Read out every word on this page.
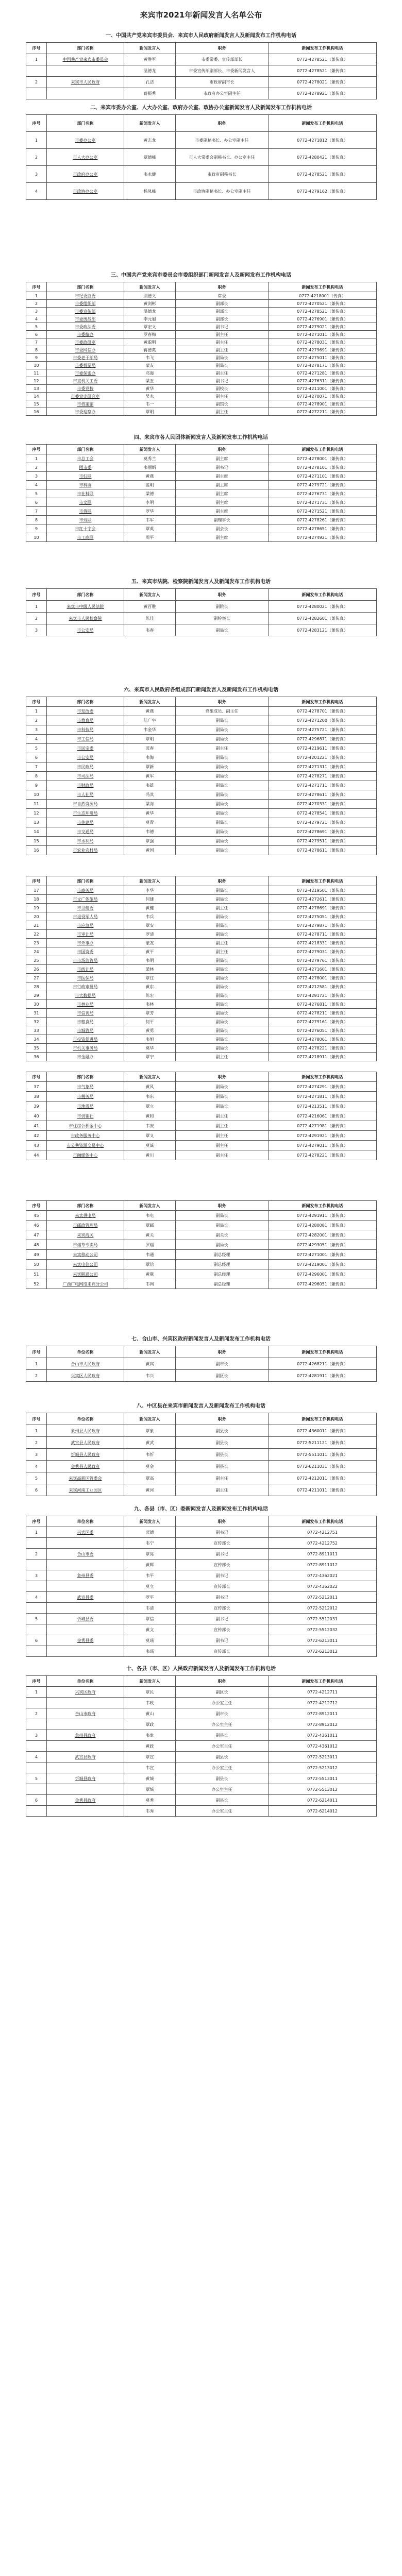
来宾市2021年新闻发言人名单公布
一、中国共产党来宾市委员会、来宾市人民政府新闻发言人及新闻发布工作机构电话
序号	部门名称	新闻发言人	职务	新闻发布工作机构电话
1	中国共产党来宾市委员会	黄胜军	市委常委、宣传部部长	0772-4278521（兼传真）
		温德龙	市委宣传部副部长、市委新闻发言人	0772-4278521（兼传真）
2	来宾市人民政府	孔洁	市政府副市长	0772-4278021（兼传真）
		蒋振秀	市政府办公室副主任	0772-4278921（兼传真）
二、来宾市委办公室、人大办公室、政府办公室、政协办公室新闻发言人及新闻发布工作机构电话
序号	部门名称	新闻发言人	职务	新闻发布工作机构电话
1	市委办公室	黄志龙	市委副秘书长、办公室副主任	0772-4271812（兼传真）
2	市人大办公室	覃德峰	市人大常委会副秘书长、办公室主任	0772-4280421（兼传真）
3	市政府办公室	韦永健	市政府副秘书长	0772-4278521（兼传真）
4	市政协办公室	杨凤峰	市政协副秘书长、办公室副主任	0772-4279162（兼传真）
三、中国共产党来宾市委员会市委组织部门新闻发言人及新闻发布工作机构电话
序号	部门名称	新闻发言人	职务	新闻发布工作机构电话
1	市纪委监委	刘德义	常委	0772-4218001（传真）
2	市委组织部	黄剑彬	副部长	0772-4270521（兼传真）
3	市委宣传部	温德龙	副部长	0772-4278521（兼传真）
4	市委统战部	李元旭	副部长	0772-4276901（兼传真）
5	市委政法委	覃宏义	副书记	0772-4279021（兼传真）
6	市委编办	罗春梅	副主任	0772-4271011（兼传真）
7	市委政研室	黄聪明	副主任	0772-4278031（兼传真）
8	市委网信办	蒋德英	副主任	0772-4279691（兼传真）
9	市委老干部局	韦飞	副局长	0772-4275011（兼传真）
10	市委机要局	蒙友	副局长	0772-4278171（兼传真）
11	市委保密办	邓海	副主任	0772-4271281（兼传真）
12	市直机关工委	梁玉	副书记	0772-4276311（兼传真）
13	市委党校	黄华	副校长	0772-4211001（兼传真）
14	市委党史研究室	吴永	副主任	0772-4270071（兼传真）
15	市档案馆	韦一	副馆长	0772-4278901（兼传真）
16	市委巡察办	覃明	副主任	0772-4272211（兼传真）
四、来宾市各人民团体新闻发言人及新闻发布工作机构电话
序号	部门名称	新闻发言人	职务	新闻发布工作机构电话
1	市总工会	莫秀兰	副主席	0772-4278001（兼传真）
2	团市委	韦丽娟	副书记	0772-4278101（兼传真）
3	市妇联	黄燕	副主席	0772-4271101（兼传真）
4	市科协	蓝明	副主席	0772-4279721（兼传真）
5	市社科联	梁德	副主席	0772-4276731（兼传真）
6	市文联	李明	副主席	0772-4271731（兼传真）
7	市侨联	罗华	副主席	0772-4271521（兼传真）
8	市残联	韦军	副理事长	0772-4278261（兼传真）
9	市红十字会	覃英	副会长	0772-4278651（兼传真）
10	市工商联	周平	副主席	0772-4274921（兼传真）
五、来宾市法院、检察院新闻发言人及新闻发布工作机构电话
序号	部门名称	新闻发言人	职务	新闻发布工作机构电话
1	来宾市中级人民法院	黄百胜	副院长	0772-4280021（兼传真）
2	来宾市人民检察院	陈佳	副检察长	0772-4282601（兼传真）
3	市公安局	韦春	副局长	0772-4283121（兼传真）
六、来宾市人民政府各组成部门新闻发言人及新闻发布工作机构电话
序号	部门名称	新闻发言人	职务	新闻发布工作机构电话
1	市发改委	黄燕	党组成员、副主任	0772-4278701（兼传真）
2	市教育局	陆广宇	副局长	0772-4271200（兼传真）
3	市科技局	韦金华	副局长	0772-4275721（兼传真）
4	市工信局	覃明	副局长	0772-4296871（兼传真）
5	市民宗委	蓝春	副主任	0772-4219611（兼传真）
6	市公安局	韦海	副局长	0772-4201221（兼传真）
7	市民政局	覃新	副局长	0772-4271311（兼传真）
8	市司法局	黄军	副局长	0772-4278271（兼传真）
9	市财政局	韦雄	副局长	0772-4271711（兼传真）
10	市人社局	冯其	副局长	0772-4278611（兼传真）
11	市自然资源局	梁海	副局长	0772-4270331（兼传真）
12	市生态环境局	黄华	副局长	0772-4278541（兼传真）
13	市住建局	莫青	副局长	0772-4279721（兼传真）
14	市交通局	韦德	副局长	0772-4278691（兼传真）
15	市水利局	覃强	副局长	0772-4279511（兼传真）
16	市农业农村局	黄国	副局长	0772-4278611（兼传真）
序号	部门名称	新闻发言人	职务	新闻发布工作机构电话
17	市商务局	李华	副局长	0772-4219501（兼传真）
18	市文广体旅局	何建	副局长	0772-4272611（兼传真）
19	市卫健委	黄健	副主任	0772-4278691（兼传真）
20	市退役军人局	韦兵	副局长	0772-4275051（兼传真）
21	市应急局	覃安	副局长	0772-4279871（兼传真）
22	市审计局	罗清	副局长	0772-4278711（兼传真）
23	市外事办	蒙友	副主任	0772-4218331（兼传真）
24	市国资委	黄平	副主任	0772-4279031（兼传真）
25	市市场监管局	韦明	副局长	0772-4279761（兼传真）
26	市统计局	梁林	副局长	0772-4271601（兼传真）
27	市医保局	覃红	副局长	0772-4278001（兼传真）
28	市行政审批局	黄东	副局长	0772-4212581（兼传真）
29	市大数据局	陈宏	副局长	0772-4291721（兼传真）
30	市林业局	韦林	副局长	0772-4276811（兼传真）
31	市信访局	覃芳	副局长	0772-4278211（兼传真）
32	市粮食局	何平	副局长	0772-4279161（兼传真）
33	市城管局	黄勇	副局长	0772-4276051（兼传真）
34	市投资促进局	韦旭	副局长	0772-4278061（兼传真）
35	市机关事务局	莫华	副局长	0772-4278221（兼传真）
36	市金融办	覃宁	副主任	0772-4218911（兼传真）
序号	部门名称	新闻发言人	职务	新闻发布工作机构电话
37	市气象局	黄风	副局长	0772-4274291（兼传真）
38	市税务局	韦东	副局长	0772-4271811（兼传真）
39	市地震局	覃立	副局长	0772-4213511（兼传真）
40	市供销社	黄和	副主任	0772-4216061（兼传真）
41	市住房公积金中心	韦安	副主任	0772-4271981（兼传真）
42	市政务服务中心	覃义	副主任	0772-4291921（兼传真）
43	市公共资源交易中心	莫诚	副主任	0772-4279011（兼传真）
44	市融媒体中心	黄川	副主任	0772-4278221（兼传真）
序号	部门名称	新闻发言人	职务	新闻发布工作机构电话
45	来宾供电局	韦电	副局长	0772-4291911（兼传真）
46	市邮政管理局	覃邮	副局长	0772-4280081（兼传真）
47	来宾海关	黄关	副关长	0772-4282001（兼传真）
48	市烟草专卖局	罗烟	副局长	0772-4293051（兼传真）
49	来宾移动公司	韦通	副总经理	0772-4271001（兼传真）
50	来宾电信公司	覃信	副总经理	0772-4219001（兼传真）
51	来宾联通公司	黄联	副总经理	0772-4296001（兼传真）
52	广西广电网络来宾分公司	韦网	副总经理	0772-4296051（兼传真）
七、合山市、兴宾区政府新闻发言人及新闻发布工作机构电话
序号	单位名称	新闻发言人	职务	新闻发布工作机构电话
1	合山市人民政府	黄宾	副市长	0772-4268211（兼传真）
2	兴宾区人民政府	韦兴	副区长	0772-4281911（兼传真）
八、中区县在来宾市新闻发言人及新闻发布工作机构电话
序号	单位名称	新闻发言人	职务	新闻发布工作机构电话
1	象州县人民政府	覃象	副县长	0772-4360011（兼传真）
2	武宣县人民政府	黄武	副县长	0772-5211121（兼传真）
3	忻城县人民政府	韦忻	副县长	0772-5511011（兼传真）
4	金秀县人民政府	莫金	副县长	0772-6211031（兼传真）
5	来宾高新区管委会	覃高	副主任	0772-4212011（兼传真）
6	来宾河南工业园区	黄河	副主任	0772-4211011（兼传真）
九、各县（市、区）委新闻发言人及新闻发布工作机构电话
序号	单位名称	新闻发言人	职务	新闻发布工作机构电话
1	兴宾区委	蓝德	副书记	0772-4212751
		韦宁	宣传部长	0772-4212752
2	合山市委	覃亮	副书记	0772-8911011
		黄辉	宣传部长	0772-8911012
3	象州县委	韦平	副书记	0772-4362021
		莫立	宣传部长	0772-4362022
4	武宣县委	罗平	副书记	0772-5212011
		韦清	宣传部长	0772-5212012
5	忻城县委	覃信	副书记	0772-5512031
		黄文	宣传部长	0772-5512032
6	金秀县委	莫瑶	副书记	0772-6213011
		韦瑶	宣传部长	0772-6213012
十、各县（市、区）人民政府新闻发言人及新闻发布工作机构电话
序号	单位名称	新闻发言人	职务	新闻发布工作机构电话
1	兴宾区政府	覃民	副区长	0772-4212711
		韦政	办公室主任	0772-4212712
2	合山市政府	黄山	副市长	0772-8912011
		覃政	办公室主任	0772-8912012
3	象州县政府	韦象	副县长	0772-4361011
		黄政	办公室主任	0772-4361012
4	武宣县政府	覃宣	副县长	0772-5213011
		韦宣	办公室主任	0772-5213012
5	忻城县政府	黄城	副县长	0772-5513011
		覃城	办公室主任	0772-5513012
6	金秀县政府	莫秀	副县长	0772-6214011
		韦秀	办公室主任	0772-6214012
